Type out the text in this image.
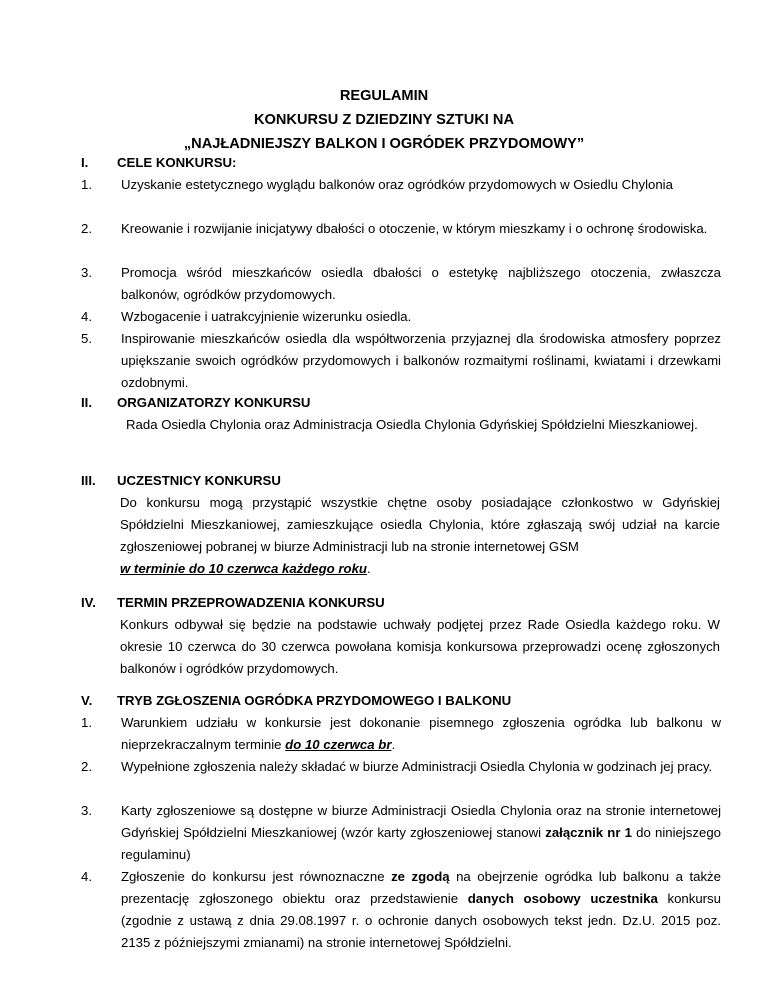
REGULAMIN
KONKURSU Z DZIEDZINY SZTUKI NA
„NAJŁADNIEJSZY BALKON I OGRÓDEK PRZYDOMOWY”
I. CELE KONKURSU:
1.	Uzyskanie estetycznego wyglądu balkonów oraz ogródków przydomowych w Osiedlu Chylonia
2.	Kreowanie i rozwijanie inicjatywy dbałości o otoczenie, w którym mieszkamy i o ochronę środowiska.
3.	Promocja wśród mieszkańców osiedla dbałości o estetykę najbliższego otoczenia, zwłaszcza balkonów, ogródków przydomowych.
4.	Wzbogacenie i uatrakcyjnienie wizerunku osiedla.
5.	Inspirowanie mieszkańców osiedla dla współtworzenia przyjaznej dla środowiska atmosfery poprzez upiększanie swoich ogródków przydomowych i balkonów rozmaitymi roślinami, kwiatami i drzewkami ozdobnymi.
II. ORGANIZATORZY KONKURSU
Rada Osiedla Chylonia oraz Administracja Osiedla Chylonia Gdyńskiej Spółdzielni Mieszkaniowej.
III. UCZESTNICY KONKURSU
Do konkursu mogą przystąpić wszystkie chętne osoby posiadające członkostwo w Gdyńskiej Spółdzielni Mieszkaniowej, zamieszkujące osiedla Chylonia, które zgłaszają swój udział na karcie zgłoszeniowej pobranej w biurze Administracji lub na stronie internetowej GSM
w terminie do 10 czerwca każdego roku.
IV. TERMIN PRZEPROWADZENIA KONKURSU
Konkurs odbywał się będzie na podstawie uchwały podjętej przez Rade Osiedla każdego roku. W okresie 10 czerwca do 30 czerwca powołana komisja konkursowa przeprowadzi ocenę zgłoszonych balkonów i ogródków przydomowych.
V. TRYB ZGŁOSZENIA OGRÓDKA PRZYDOMOWEGO I BALKONU
1.	Warunkiem udziału w konkursie jest dokonanie pisemnego zgłoszenia ogródka lub balkonu w nieprzekraczalnym terminie do 10 czerwca br.
2.	Wypełnione zgłoszenia należy składać w biurze Administracji Osiedla Chylonia w godzinach jej pracy.
3.	Karty zgłoszeniowe są dostępne w biurze Administracji Osiedla Chylonia oraz na stronie internetowej Gdyńskiej Spółdzielni Mieszkaniowej (wzór karty zgłoszeniowej stanowi załącznik nr 1 do niniejszego regulaminu)
4.	Zgłoszenie do konkursu jest równoznaczne ze zgodą na obejrzenie ogródka lub balkonu a także prezentację zgłoszonego obiektu oraz przedstawienie danych osobowy uczestnika konkursu (zgodnie z ustawą z dnia 29.08.1997 r. o ochronie danych osobowych tekst jedn. Dz.U. 2015 poz. 2135 z późniejszymi zmianami) na stronie internetowej Spółdzielni.
